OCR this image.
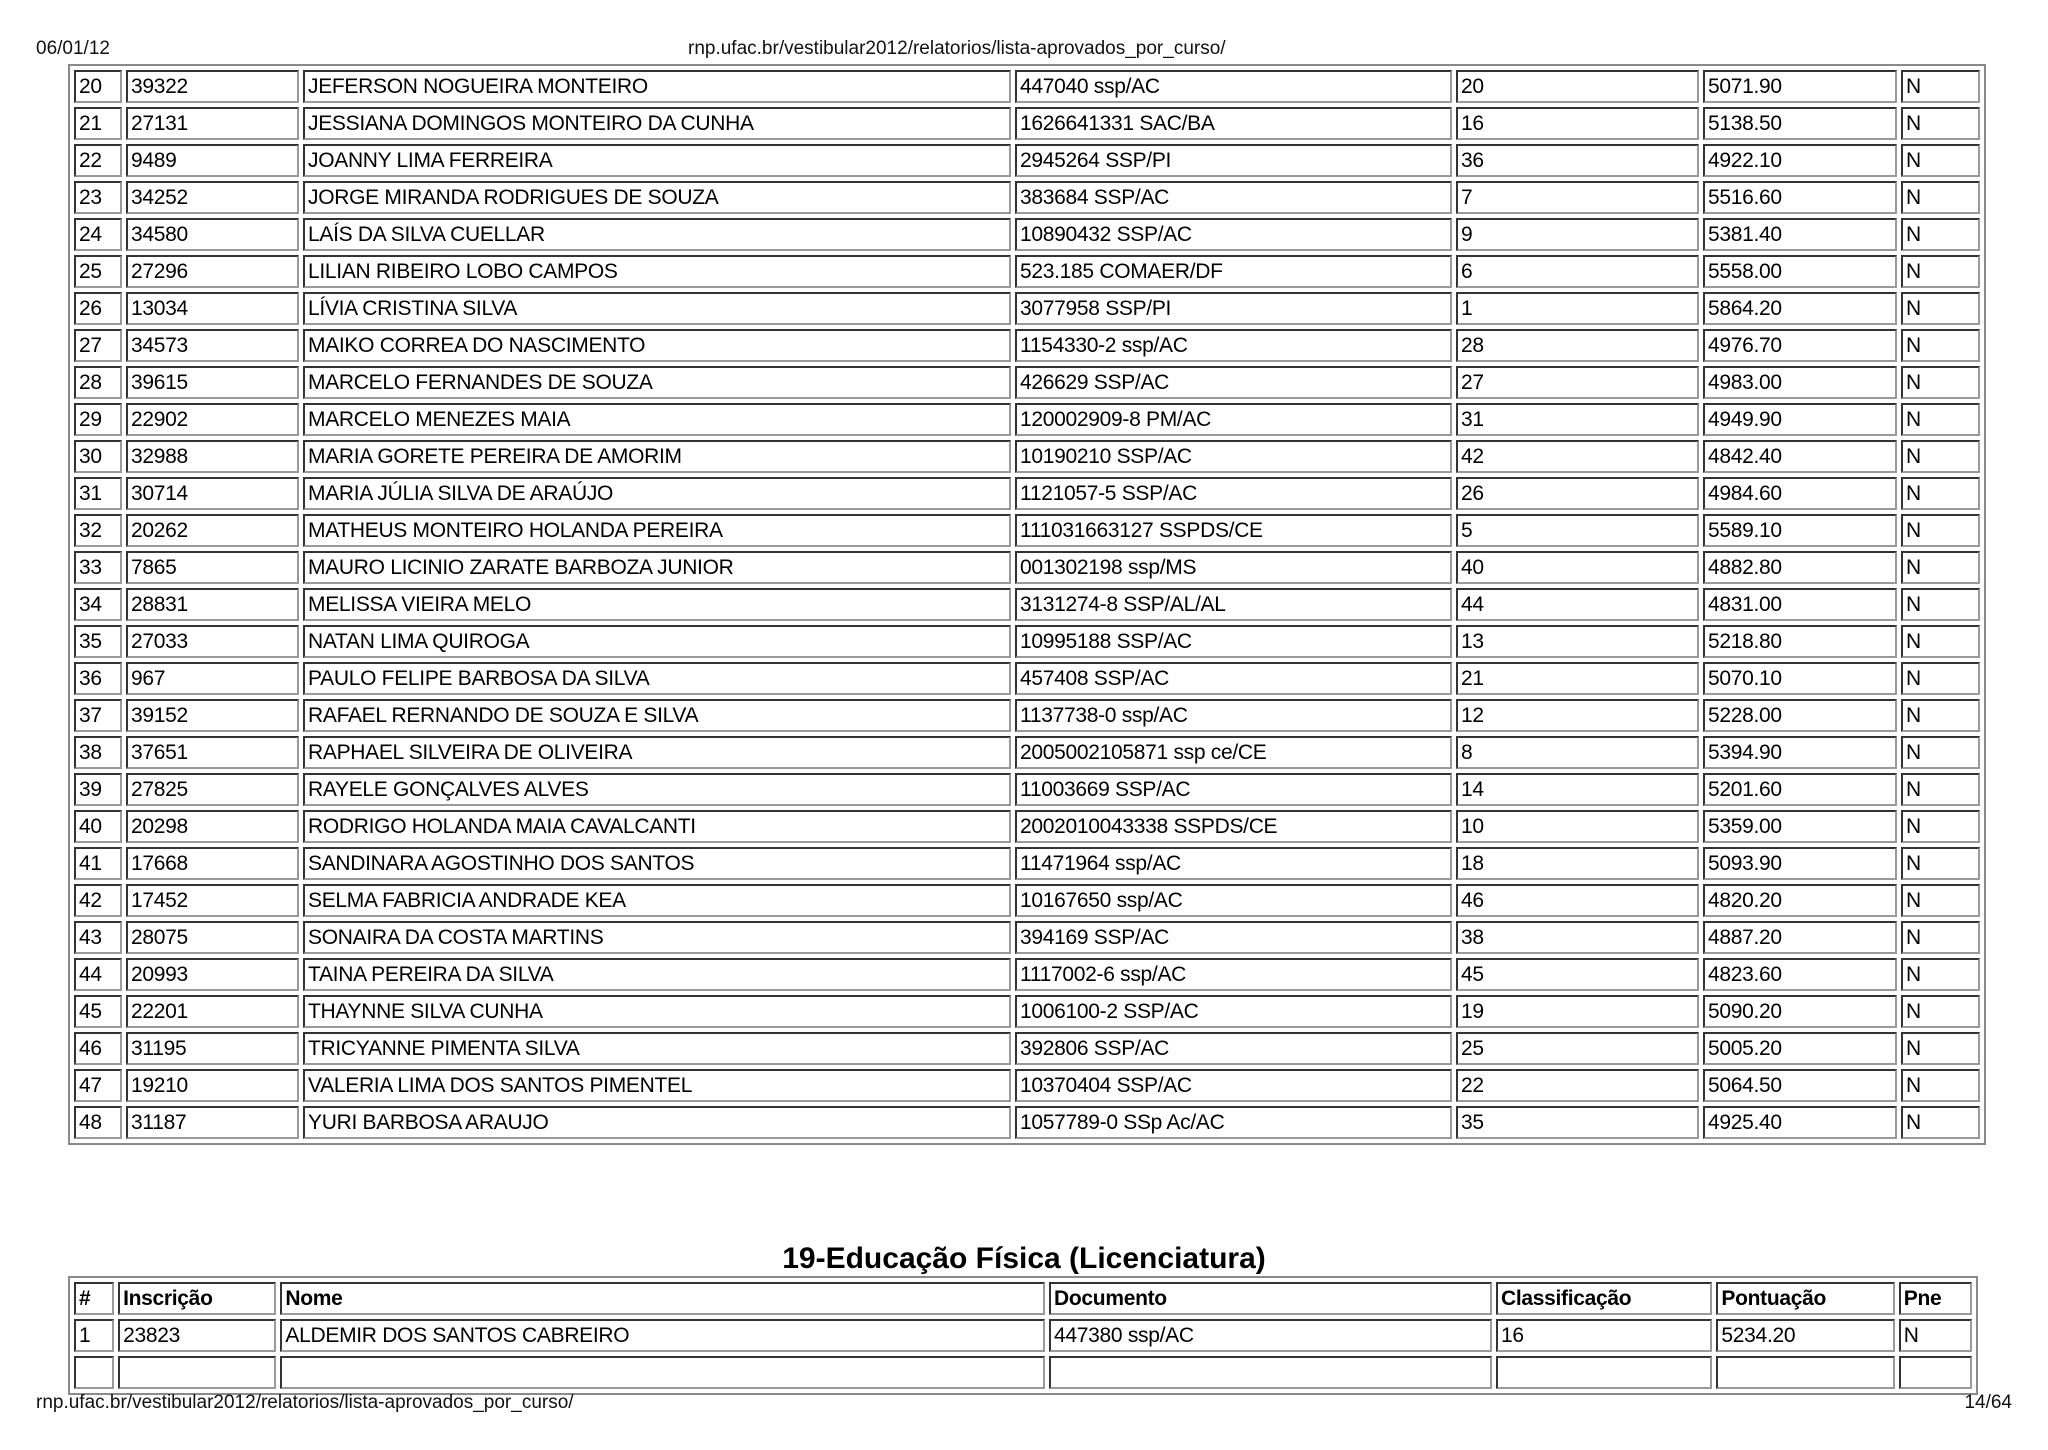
06/01/12	rnp.ufac.br/vestibular2012/relatorios/lista-aprovados_por_curso/
20	39322	JEFERSON NOGUEIRA MONTEIRO	447040 ssp/AC	20	5071.90	N
21	27131	JESSIANA DOMINGOS MONTEIRO DA CUNHA	1626641331 SAC/BA	16	5138.50	N
22	9489	JOANNY LIMA FERREIRA	2945264 SSP/PI	36	4922.10	N
23	34252	JORGE MIRANDA RODRIGUES DE SOUZA	383684 SSP/AC	7	5516.60	N
24	34580	LAÍS DA SILVA CUELLAR	10890432 SSP/AC	9	5381.40	N
25	27296	LILIAN RIBEIRO LOBO CAMPOS	523.185 COMAER/DF	6	5558.00	N
26	13034	LÍVIA CRISTINA SILVA	3077958 SSP/PI	1	5864.20	N
27	34573	MAIKO CORREA DO NASCIMENTO	1154330-2 ssp/AC	28	4976.70	N
28	39615	MARCELO FERNANDES DE SOUZA	426629 SSP/AC	27	4983.00	N
29	22902	MARCELO MENEZES MAIA	120002909-8 PM/AC	31	4949.90	N
30	32988	MARIA GORETE PEREIRA DE AMORIM	10190210 SSP/AC	42	4842.40	N
31	30714	MARIA JÚLIA SILVA DE ARAÚJO	1121057-5 SSP/AC	26	4984.60	N
32	20262	MATHEUS MONTEIRO HOLANDA PEREIRA	111031663127 SSPDS/CE	5	5589.10	N
33	7865	MAURO LICINIO ZARATE BARBOZA JUNIOR	001302198 ssp/MS	40	4882.80	N
34	28831	MELISSA VIEIRA MELO	3131274-8 SSP/AL/AL	44	4831.00	N
35	27033	NATAN LIMA QUIROGA	10995188 SSP/AC	13	5218.80	N
36	967	PAULO FELIPE BARBOSA DA SILVA	457408 SSP/AC	21	5070.10	N
37	39152	RAFAEL RERNANDO DE SOUZA E SILVA	1137738-0 ssp/AC	12	5228.00	N
38	37651	RAPHAEL SILVEIRA DE OLIVEIRA	2005002105871 ssp ce/CE	8	5394.90	N
39	27825	RAYELE GONÇALVES ALVES	11003669 SSP/AC	14	5201.60	N
40	20298	RODRIGO HOLANDA MAIA CAVALCANTI	2002010043338 SSPDS/CE	10	5359.00	N
41	17668	SANDINARA AGOSTINHO DOS SANTOS	11471964 ssp/AC	18	5093.90	N
42	17452	SELMA FABRICIA ANDRADE KEA	10167650 ssp/AC	46	4820.20	N
43	28075	SONAIRA DA COSTA MARTINS	394169 SSP/AC	38	4887.20	N
44	20993	TAINA PEREIRA DA SILVA	1117002-6 ssp/AC	45	4823.60	N
45	22201	THAYNNE SILVA CUNHA	1006100-2 SSP/AC	19	5090.20	N
46	31195	TRICYANNE PIMENTA SILVA	392806 SSP/AC	25	5005.20	N
47	19210	VALERIA LIMA DOS SANTOS PIMENTEL	10370404 SSP/AC	22	5064.50	N
48	31187	YURI BARBOSA ARAUJO	1057789-0 SSp Ac/AC	35	4925.40	N
19-Educação Física (Licenciatura)
#	Inscrição	Nome	Documento	Classificação	Pontuação	Pne
1	23823	ALDEMIR DOS SANTOS CABREIRO	447380 ssp/AC	16	5234.20	N

rnp.ufac.br/vestibular2012/relatorios/lista-aprovados_por_curso/	14/64
